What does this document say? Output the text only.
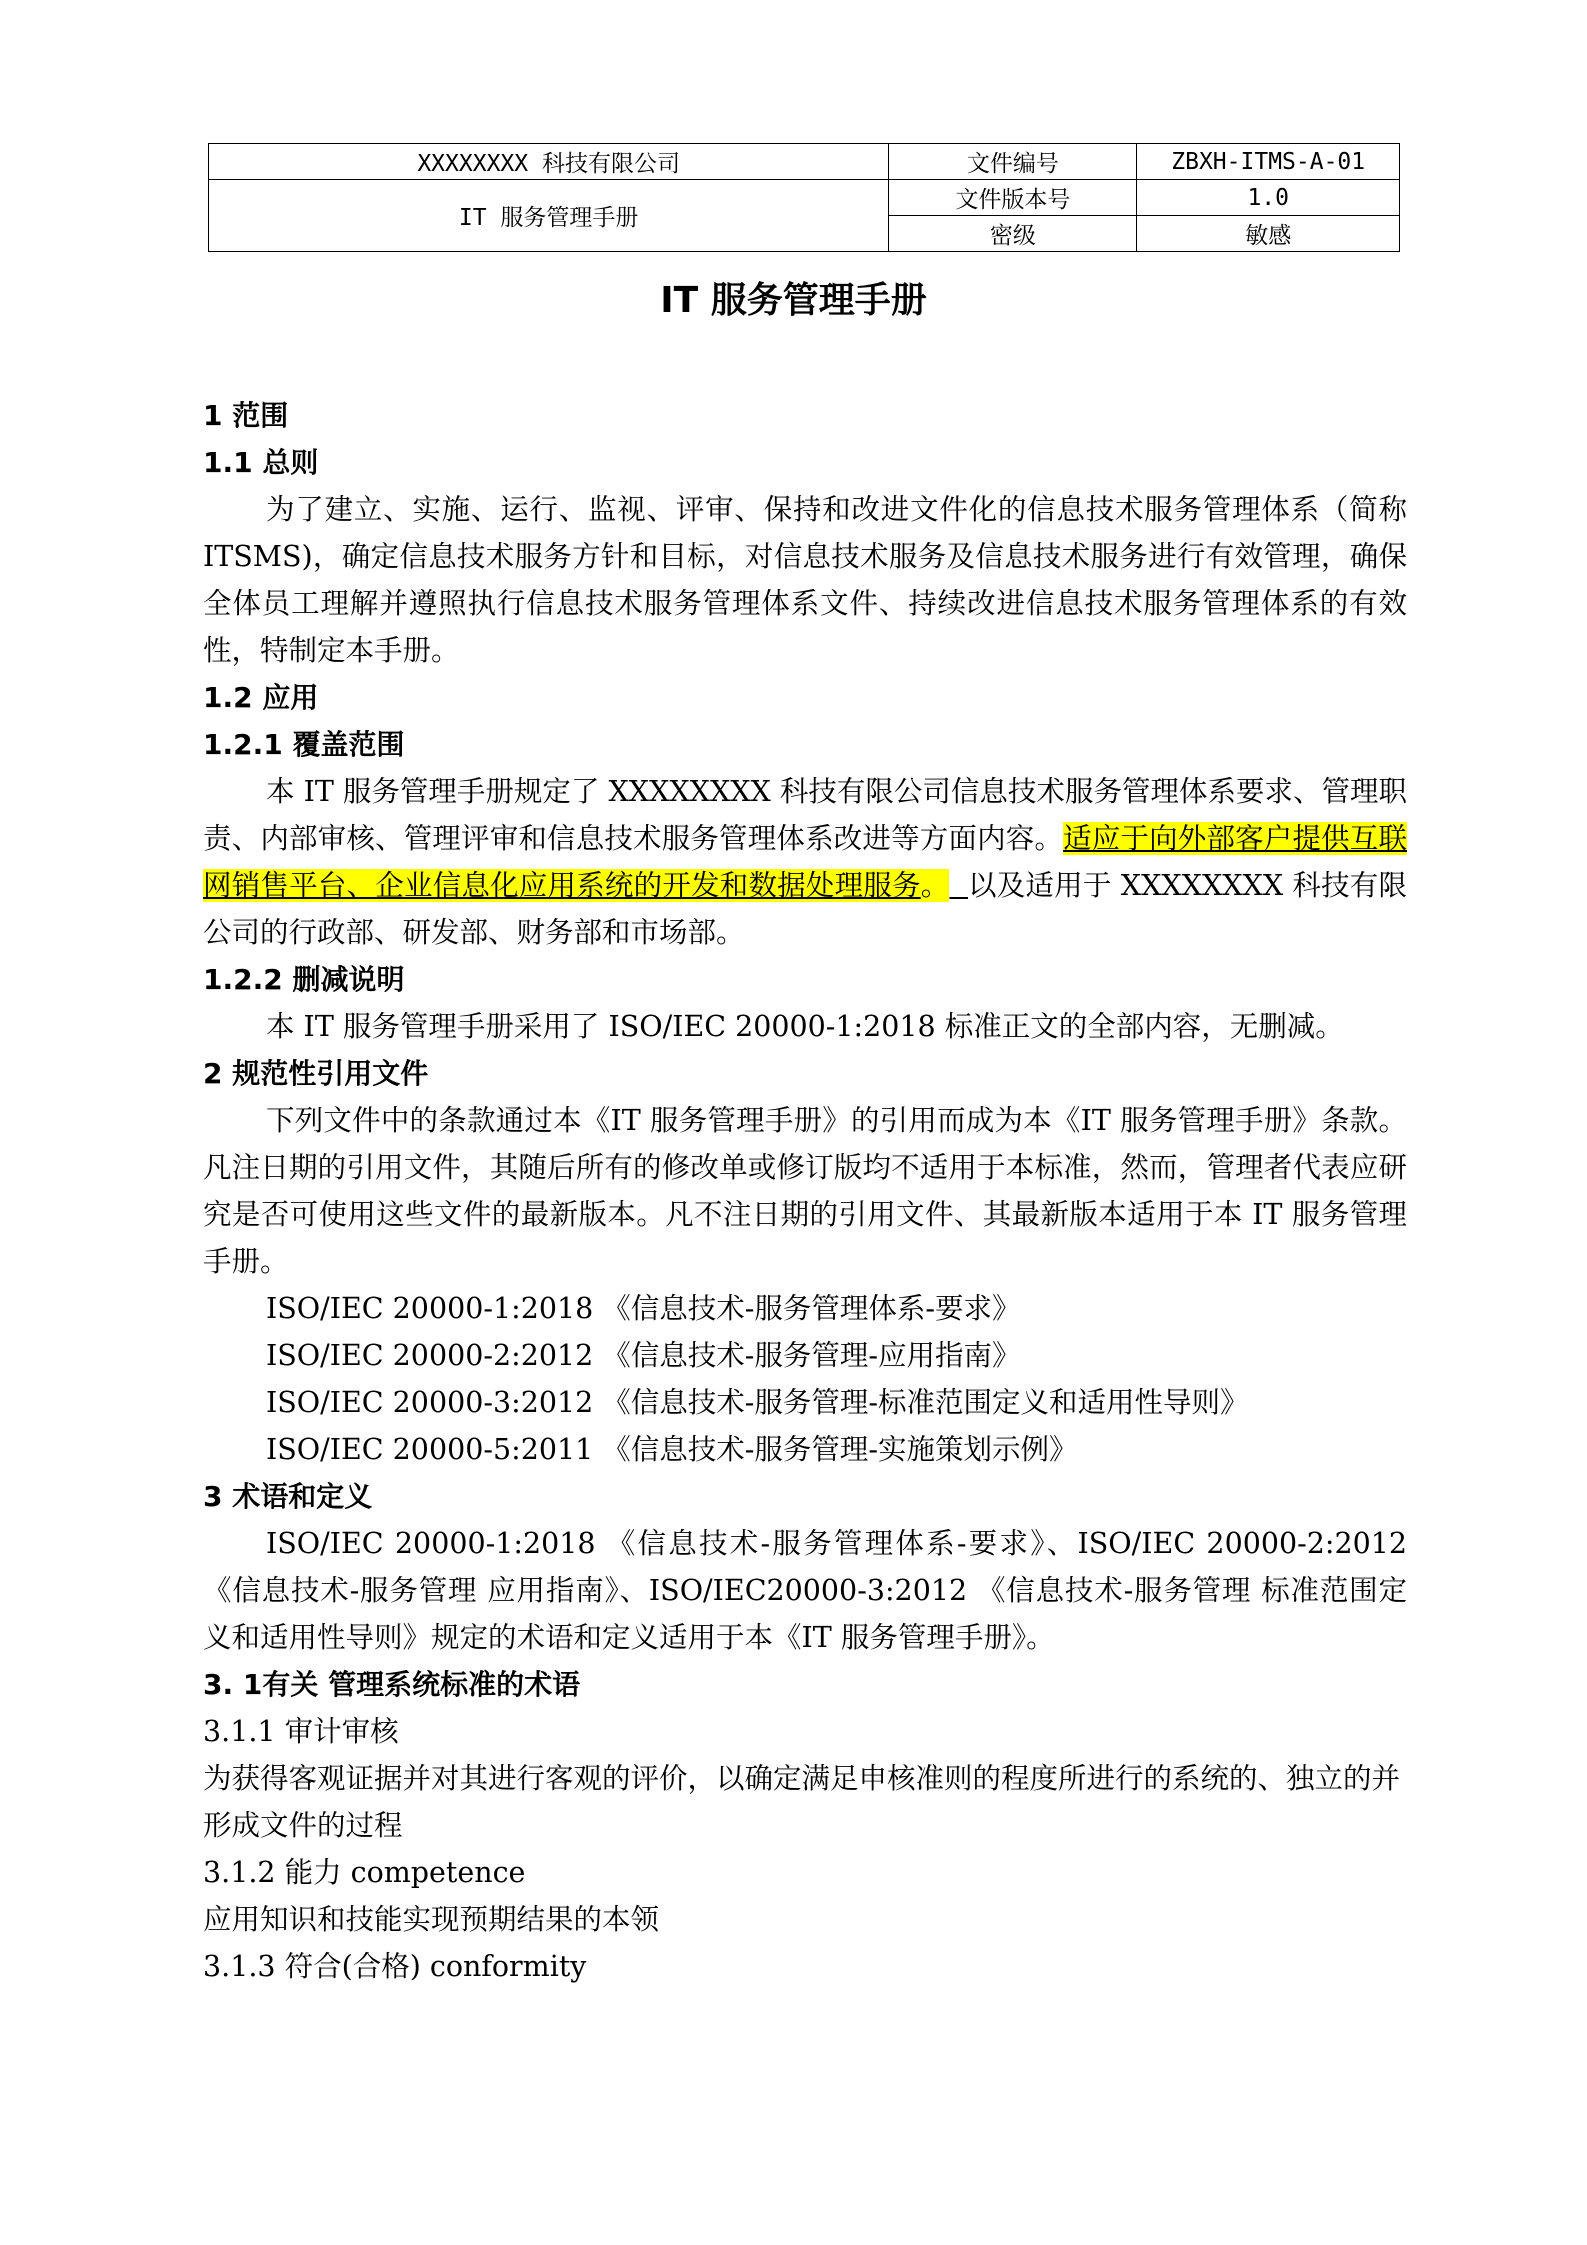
XXXXXXXX 科技有限公司	文件编号	ZBXH-ITMS-A-01
IT 服务管理手册	文件版本号	1.0
	密级	敏感
IT 服务管理手册
1 范围
1.1 总则
为了建立、实施、运行、监视、评审、保持和改进文件化的信息技术服务管理体系（简称 ITSMS)，确定信息技术服务方针和目标，对信息技术服务及信息技术服务进行有效管理，确保全体员工理解并遵照执行信息技术服务管理体系文件、持续改进信息技术服务管理体系的有效性，特制定本手册。
1.2 应用
1.2.1 覆盖范围
本 IT 服务管理手册规定了 XXXXXXXX 科技有限公司信息技术服务管理体系要求、管理职责、内部审核、管理评审和信息技术服务管理体系改进等方面内容。适应于向外部客户提供互联网销售平台、企业信息化应用系统的开发和数据处理服务。 以及适用于 XXXXXXXX 科技有限公司的行政部、研发部、财务部和市场部。
1.2.2 删减说明
本 IT 服务管理手册采用了 ISO/IEC 20000-1:2018 标准正文的全部内容，无删减。
2 规范性引用文件
下列文件中的条款通过本《IT 服务管理手册》的引用而成为本《IT 服务管理手册》条款。凡注日期的引用文件，其随后所有的修改单或修订版均不适用于本标准，然而，管理者代表应研究是否可使用这些文件的最新版本。凡不注日期的引用文件、其最新版本适用于本 IT 服务管理手册。
ISO/IEC 20000-1:2018 《信息技术-服务管理体系-要求》
ISO/IEC 20000-2:2012 《信息技术-服务管理-应用指南》
ISO/IEC 20000-3:2012 《信息技术-服务管理-标准范围定义和适用性导则》
ISO/IEC 20000-5:2011 《信息技术-服务管理-实施策划示例》
3 术语和定义
ISO/IEC 20000-1:2018 《信息技术-服务管理体系-要求》、ISO/IEC 20000-2:2012 《信息技术-服务管理 应用指南》、ISO/IEC20000-3:2012 《信息技术-服务管理 标准范围定义和适用性导则》规定的术语和定义适用于本《IT 服务管理手册》。
3. 1有关 管理系统标准的术语
3.1.1 审计审核
为获得客观证据并对其进行客观的评价，以确定满足申核准则的程度所进行的系统的、独立的并形成文件的过程
3.1.2 能力 competence
应用知识和技能实现预期结果的本领
3.1.3 符合(合格) conformity
